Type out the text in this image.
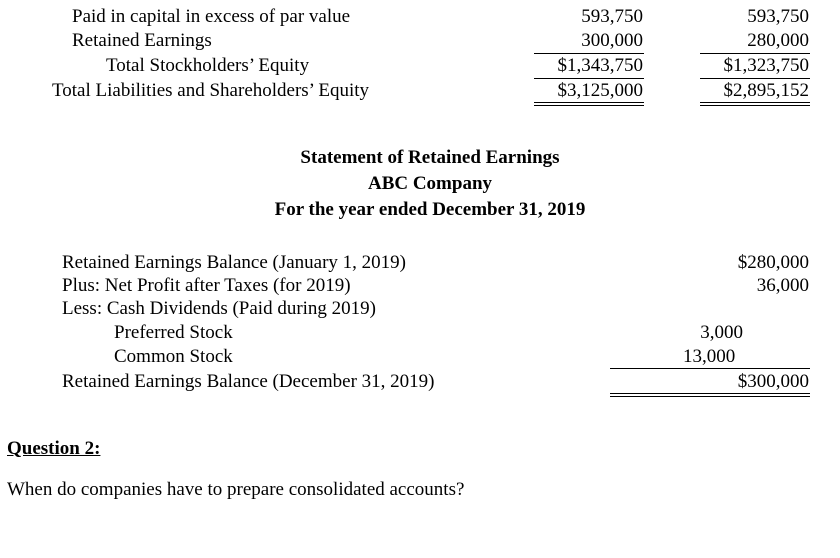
Paid in capital in excess of par value	593,750	593,750
Retained Earnings	300,000	280,000
Total Stockholders’ Equity	$1,343,750	$1,323,750
Total Liabilities and Shareholders’ Equity	$3,125,000	$2,895,152
Statement of Retained Earnings
ABC Company
For the year ended December 31, 2019
Retained Earnings Balance (January 1, 2019)	$280,000
Plus: Net Profit after Taxes (for 2019)	36,000
Less: Cash Dividends (Paid during 2019)
Preferred Stock	3,000
Common Stock	13,000
Retained Earnings Balance (December 31, 2019)	$300,000
Question 2:
When do companies have to prepare consolidated accounts?
